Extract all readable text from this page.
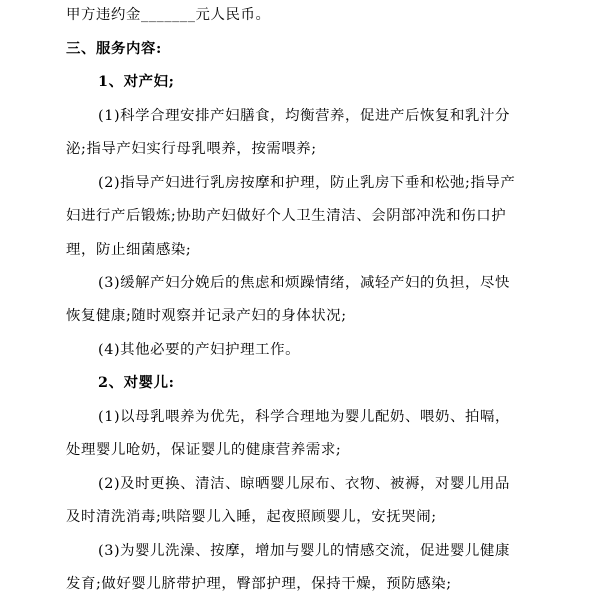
甲方违约金_______元人民币。
三、服务内容:
1、对产妇;
(1)科学合理安排产妇膳食，均衡营养，促进产后恢复和乳汁分
泌;指导产妇实行母乳喂养，按需喂养;
(2)指导产妇进行乳房按摩和护理，防止乳房下垂和松弛;指导产
妇进行产后锻炼;协助产妇做好个人卫生清洁、会阴部冲洗和伤口护
理，防止细菌感染;
(3)缓解产妇分娩后的焦虑和烦躁情绪，减轻产妇的负担，尽快
恢复健康;随时观察并记录产妇的身体状况;
(4)其他必要的产妇护理工作。
2、对婴儿:
(1)以母乳喂养为优先，科学合理地为婴儿配奶、喂奶、拍嗝，
处理婴儿呛奶，保证婴儿的健康营养需求;
(2)及时更换、清洁、晾晒婴儿尿布、衣物、被褥，对婴儿用品
及时清洗消毒;哄陪婴儿入睡，起夜照顾婴儿，安抚哭闹;
(3)为婴儿洗澡、按摩，增加与婴儿的情感交流，促进婴儿健康
发育;做好婴儿脐带护理，臀部护理，保持干燥，预防感染;
